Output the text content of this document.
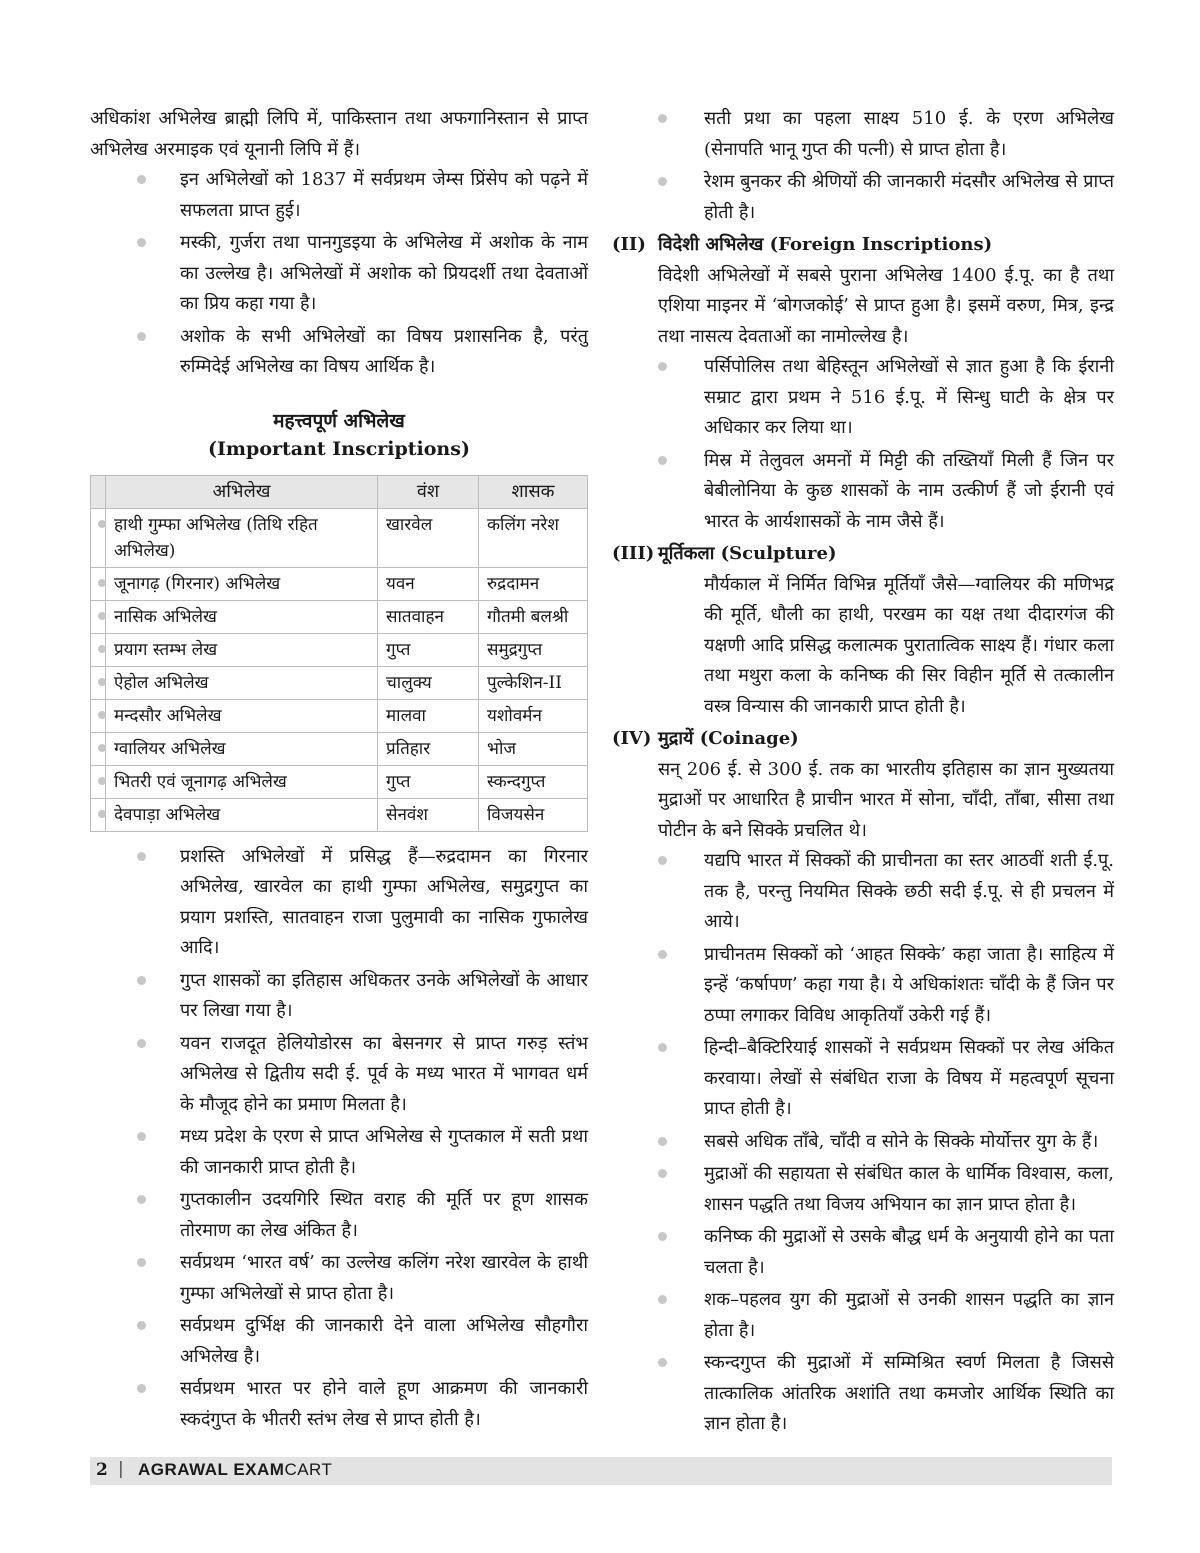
अधिकांश अभिलेख ब्राह्मी लिपि में, पाकिस्तान तथा अफगानिस्तान से प्राप्त अभिलेख अरमाइक एवं यूनानी लिपि में हैं।

इन अभिलेखों को 1837 में सर्वप्रथम जेम्स प्रिंसेप को पढ़ने में सफलता प्राप्त हुई।
मस्की, गुर्जरा तथा पानगुडइया के अभिलेख में अशोक के नाम का उल्लेख है। अभिलेखों में अशोक को प्रियदर्शी तथा देवताओं का प्रिय कहा गया है।
अशोक के सभी अभिलेखों का विषय प्रशासनिक है, परंतु रुम्मिदेई अभिलेख का विषय आर्थिक है।

महत्त्वपूर्ण अभिलेख

(Important Inscriptions)

	अभिलेख	वंश	शासक

	हाथी गुम्फा अभिलेख (तिथि रहित अभिलेख)	खारवेल	कलिंग नरेश

	जूनागढ़ (गिरनार) अभिलेख	यवन	रुद्रदामन

	नासिक अभिलेख	सातवाहन	गौतमी बलश्री

	प्रयाग स्तम्भ लेख	गुप्त	समुद्रगुप्त

	ऐहोल अभिलेख	चालुक्य	पुल्केशिन-II

	मन्दसौर अभिलेख	मालवा	यशोवर्मन

	ग्वालियर अभिलेख	प्रतिहार	भोज

	भितरी एवं जूनागढ़ अभिलेख	गुप्त	स्कन्दगुप्त

	देवपाड़ा अभिलेख	सेनवंश	विजयसेन
प्रशस्ति अभिलेखों में प्रसिद्ध हैं—रुद्रदामन का गिरनार अभिलेख, खारवेल का हाथी गुम्फा अभिलेख, समुद्रगुप्त का प्रयाग प्रशस्ति, सातवाहन राजा पुलुमावी का नासिक गुफालेख आदि।
गुप्त शासकों का इतिहास अधिकतर उनके अभिलेखों के आधार पर लिखा गया है।
यवन राजदूत हेलियोडोरस का बेसनगर से प्राप्त गरुड़ स्तंभ अभिलेख से द्वितीय सदी ई. पूर्व के मध्य भारत में भागवत धर्म के मौजूद होने का प्रमाण मिलता है।
मध्य प्रदेश के एरण से प्राप्त अभिलेख से गुप्तकाल में सती प्रथा की जानकारी प्राप्त होती है।
गुप्तकालीन उदयगिरि स्थित वराह की मूर्ति पर हूण शासक तोरमाण का लेख अंकित है।
सर्वप्रथम ‘भारत वर्ष’ का उल्लेख कलिंग नरेश खारवेल के हाथी गुम्फा अभिलेखों से प्राप्त होता है।
सर्वप्रथम दुर्भिक्ष की जानकारी देने वाला अभिलेख सौहगौरा अभिलेख है।
सर्वप्रथम भारत पर होने वाले हूण आक्रमण की जानकारी स्कदंगुप्त के भीतरी स्तंभ लेख से प्राप्त होती है।
सती प्रथा का पहला साक्ष्य 510 ई. के एरण अभिलेख (सेनापति भानू गुप्त की पत्नी) से प्राप्त होता है।
रेशम बुनकर की श्रेणियों की जानकारी मंदसौर अभिलेख से प्राप्त होती है।

(II) विदेशी अभिलेख (Foreign Inscriptions)

विदेशी अभिलेखों में सबसे पुराना अभिलेख 1400 ई.पू. का है तथा एशिया माइनर में ‘बोगजकोई’ से प्राप्त हुआ है। इसमें वरुण, मित्र, इन्द्र तथा नासत्य देवताओं का नामोल्लेख है।

पर्सिपोलिस तथा बेहिस्तून अभिलेखों से ज्ञात हुआ है कि ईरानी सम्राट द्वारा प्रथम ने 516 ई.पू. में सिन्धु घाटी के क्षेत्र पर अधिकार कर लिया था।
मिस्र में तेलुवल अमनों में मिट्टी की तख्तियाँ मिली हैं जिन पर बेबीलोनिया के कुछ शासकों के नाम उत्कीर्ण हैं जो ईरानी एवं भारत के आर्यशासकों के नाम जैसे हैं।

(III) मूर्तिकला (Sculpture)

मौर्यकाल में निर्मित विभिन्न मूर्तियाँ जैसे—ग्वालियर की मणिभद्र की मूर्ति, धौली का हाथी, परखम का यक्ष तथा दीदारगंज की यक्षणी आदि प्रसिद्ध कलात्मक पुरातात्विक साक्ष्य हैं। गंधार कला तथा मथुरा कला के कनिष्क की सिर विहीन मूर्ति से तत्कालीन वस्त्र विन्यास की जानकारी प्राप्त होती है।

(IV) मुद्रायें (Coinage)

सन् 206 ई. से 300 ई. तक का भारतीय इतिहास का ज्ञान मुख्यतया मुद्राओं पर आधारित है प्राचीन भारत में सोना, चाँदी, ताँबा, सीसा तथा पोटीन के बने सिक्के प्रचलित थे।

यद्यपि भारत में सिक्कों की प्राचीनता का स्तर आठवीं शती ई.पू. तक है, परन्तु नियमित सिक्के छठी सदी ई.पू. से ही प्रचलन में आये।
प्राचीनतम सिक्कों को ‘आहत सिक्के’ कहा जाता है। साहित्य में इन्हें ‘कर्षापण’ कहा गया है। ये अधिकांशतः चाँदी के हैं जिन पर ठप्पा लगाकर विविध आकृतियाँ उकेरी गई हैं।
हिन्दी–बैक्टिरियाई शासकों ने सर्वप्रथम सिक्कों पर लेख अंकित करवाया। लेखों से संबंधित राजा के विषय में महत्वपूर्ण सूचना प्राप्त होती है।
सबसे अधिक ताँबे, चाँदी व सोने के सिक्के मोर्योत्तर युग के हैं।
मुद्राओं की सहायता से संबंधित काल के धार्मिक विश्वास, कला, शासन पद्धति तथा विजय अभियान का ज्ञान प्राप्त होता है।
कनिष्क की मुद्राओं से उसके बौद्ध धर्म के अनुयायी होने का पता चलता है।
शक–पहलव युग की मुद्राओं से उनकी शासन पद्धति का ज्ञान होता है।
स्कन्दगुप्त की मुद्राओं में सम्मिश्रित स्वर्ण मिलता है जिससे तात्कालिक आंतरिक अशांति तथा कमजोर आर्थिक स्थिति का ज्ञान होता है।
2 | AGRAWAL EXAMCART
